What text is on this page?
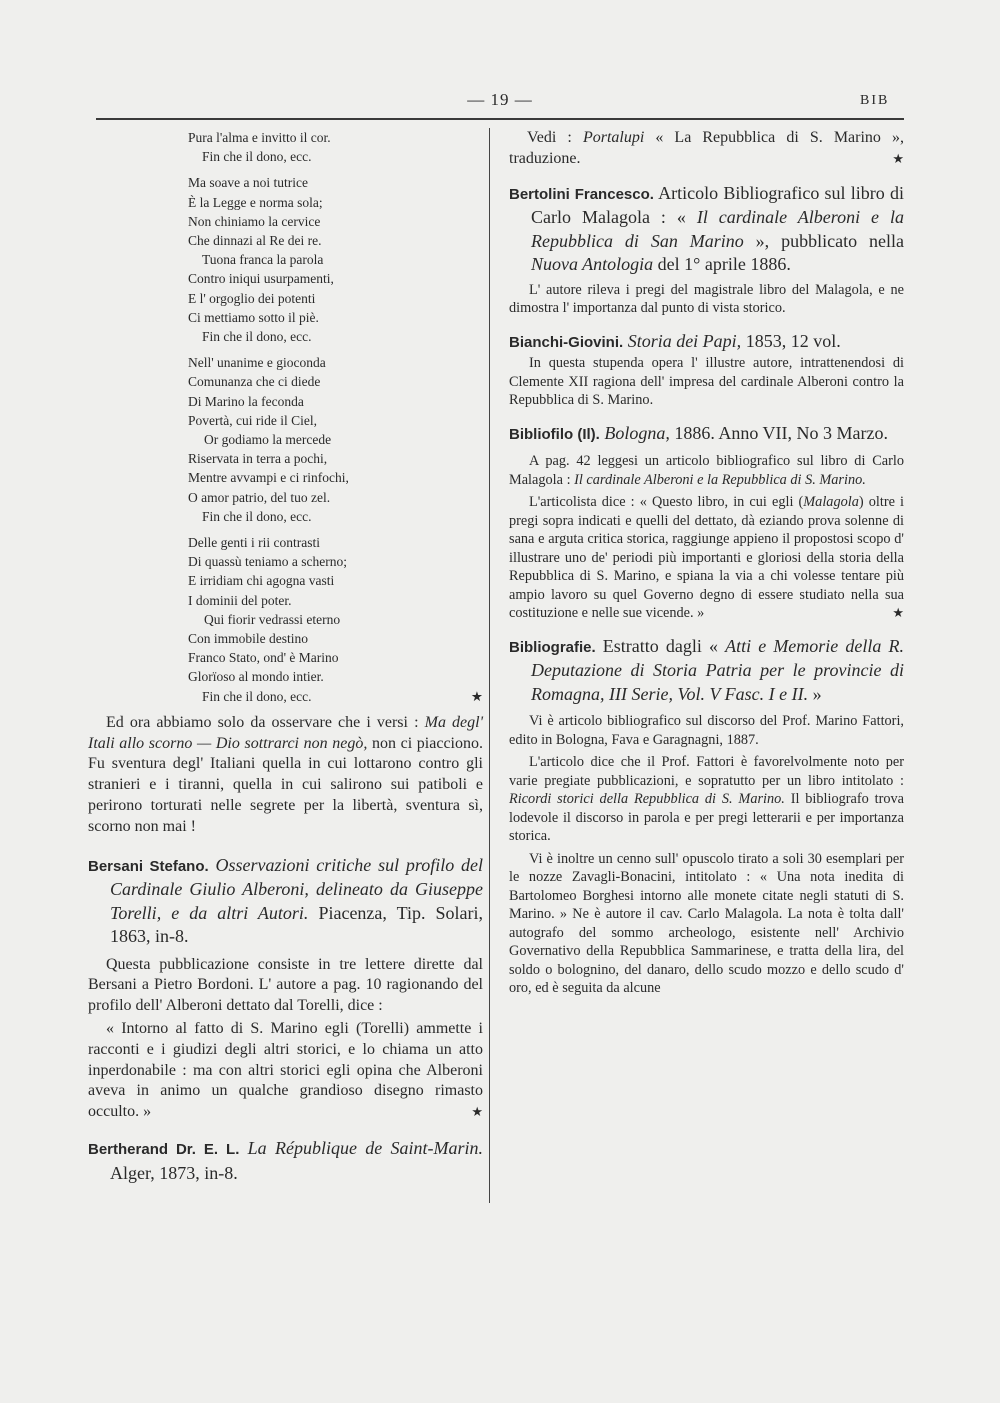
— 19 —	BIB
Pura l'alma e invitto il cor.
Fin che il dono, ecc.
Ma soave a noi tutrice
È la Legge e norma sola;
Non chiniamo la cervice
Che dinnazi al Re dei re.
Tuona franca la parola
Contro iniqui usurpamenti,
E l' orgoglio dei potenti
Ci mettiamo sotto il piè.
Fin che il dono, ecc.
Nell' unanime e gioconda
Comunanza che ci diede
Di Marino la feconda
Povertà, cui ride il Ciel,
Or godiamo la mercede
Riservata in terra a pochi,
Mentre avvampi e ci rinfochi,
O amor patrio, del tuo zel.
Fin che il dono, ecc.
Delle genti i rii contrasti
Di quassù teniamo a scherno;
E irridiam chi agogna vasti
I dominii del poter.
Qui fiorir vedrassi eterno
Con immobile destino
Franco Stato, ond' è Marino
Glorïoso al mondo intier.
Fin che il dono, ecc.	★

Ed ora abbiamo solo da osservare che i versi : Ma degl' Itali allo scorno — Dio sottrarci non negò, non ci piacciono. Fu sventura degl' Italiani quella in cui lottarono contro gli stranieri e i tiranni, quella in cui salirono sui patiboli e perirono torturati nelle segrete per la libertà, sventura sì, scorno non mai !

Bersani Stefano. Osservazioni critiche sul profilo del Cardinale Giulio Alberoni, delineato da Giuseppe Torelli, e da altri Autori. Piacenza, Tip. Solari, 1863, in-8.

Questa pubblicazione consiste in tre lettere dirette dal Bersani a Pietro Bordoni. L' autore a pag. 10 ragionando del profilo dell' Alberoni dettato dal Torelli, dice :

« Intorno al fatto di S. Marino egli (Torelli) ammette i racconti e i giudizi degli altri storici, e lo chiama un atto inperdonabile : ma con altri storici egli opina che Alberoni aveva in animo un qualche grandioso disegno rimasto occulto. »	★

Bertherand Dr. E. L. La République de Saint-Marin. Alger, 1873, in-8.

Vedi : Portalupi « La Repubblica di S. Marino », traduzione.	★

Bertolini Francesco. Articolo Bibliografico sul libro di Carlo Malagola : « Il cardinale Alberoni e la Repubblica di San Marino », pubblicato nella Nuova Antologia del 1° aprile 1886.

L' autore rileva i pregi del magistrale libro del Malagola, e ne dimostra l' importanza dal punto di vista storico.

Bianchi-Giovini. Storia dei Papi, 1853, 12 vol.

In questa stupenda opera l' illustre autore, intrattenendosi di Clemente XII ragiona dell' impresa del cardinale Alberoni contro la Repubblica di S. Marino.

Bibliofilo (Il). Bologna, 1886. Anno VII, No 3 Marzo.

A pag. 42 leggesi un articolo bibliografico sul libro di Carlo Malagola : Il cardinale Alberoni e la Repubblica di S. Marino.

L'articolista dice : « Questo libro, in cui egli (Malagola) oltre i pregi sopra indicati e quelli del dettato, dà eziando prova solenne di sana e arguta critica storica, raggiunge appieno il propostosi scopo d' illustrare uno de' periodi più importanti e gloriosi della storia della Repubblica di S. Marino, e spiana la via a chi volesse tentare più ampio lavoro su quel Governo degno di essere studiato nella sua costituzione e nelle sue vicende. »	★

Bibliografie. Estratto dagli « Atti e Memorie della R. Deputazione di Storia Patria per le provincie di Romagna, III Serie, Vol. V Fasc. I e II. »

Vi è articolo bibliografico sul discorso del Prof. Marino Fattori, edito in Bologna, Fava e Garagnagni, 1887.

L'articolo dice che il Prof. Fattori è favorelvolmente noto per varie pregiate pubblicazioni, e sopratutto per un libro intitolato : Ricordi storici della Repubblica di S. Marino. Il bibliografo trova lodevole il discorso in parola e per pregi letterarii e per importanza storica.

Vi è inoltre un cenno sull' opuscolo tirato a soli 30 esemplari per le nozze Zavagli-Bonacini, intitolato : « Una nota inedita di Bartolomeo Borghesi intorno alle monete citate negli statuti di S. Marino. » Ne è autore il cav. Carlo Malagola. La nota è tolta dall' autografo del sommo archeologo, esistente nell' Archivio Governativo della Repubblica Sammarinese, e tratta della lira, del soldo o bolognino, del danaro, dello scudo mozzo e dello scudo d' oro, ed è seguita da alcune
